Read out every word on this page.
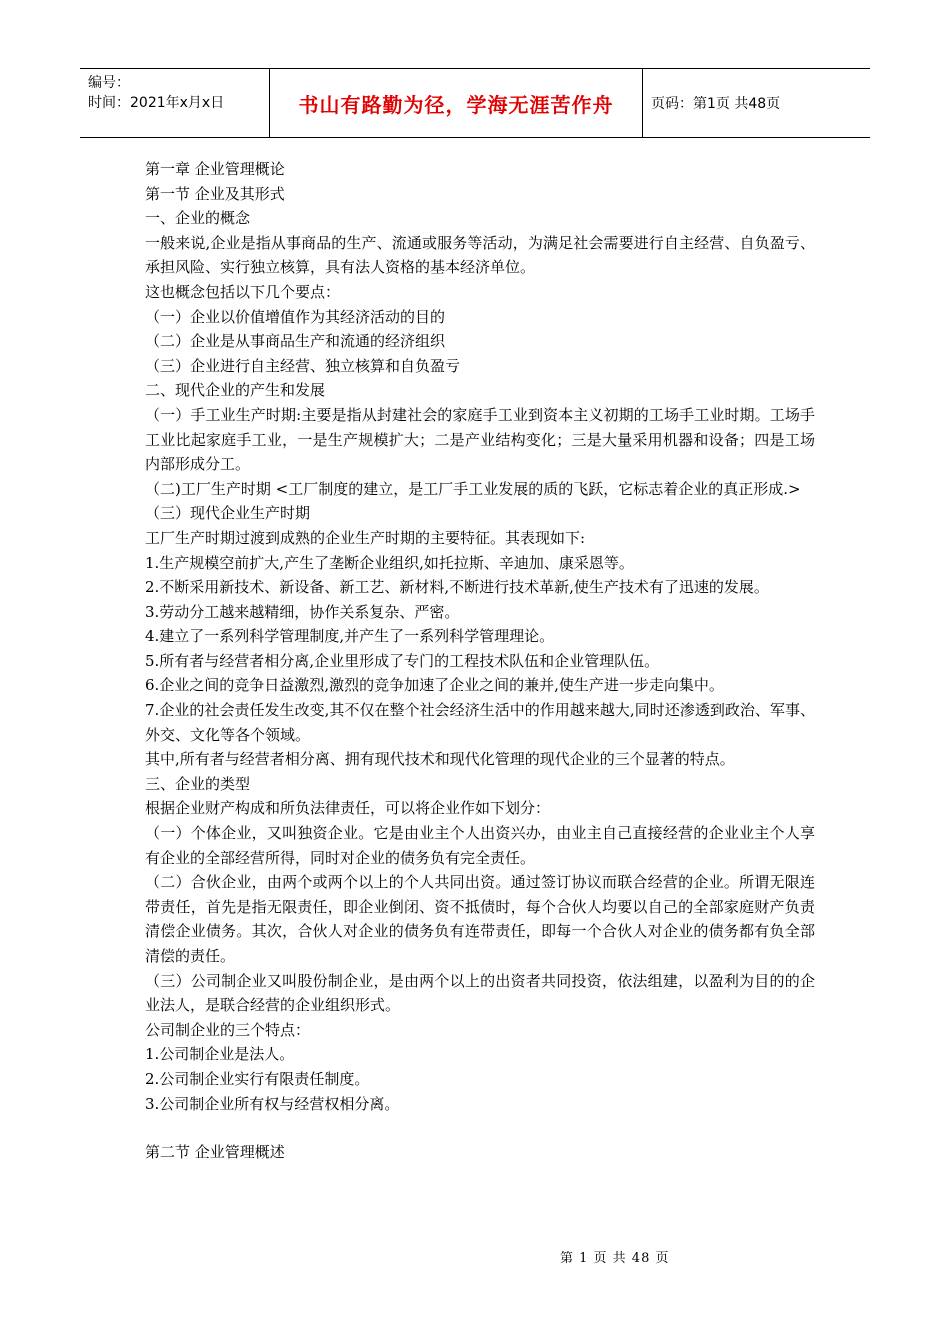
编号：
时间：2021年x月x日	书山有路勤为径，学海无涯苦作舟	页码：第1页 共48页

第一章 企业管理概论

第一节 企业及其形式

一、企业的概念

一般来说,企业是指从事商品的生产、流通或服务等活动，为满足社会需要进行自主经营、自负盈亏、承担风险、实行独立核算，具有法人资格的基本经济单位。

这也概念包括以下几个要点：

（一）企业以价值增值作为其经济活动的目的

（二）企业是从事商品生产和流通的经济组织

（三）企业进行自主经营、独立核算和自负盈亏

二、现代企业的产生和发展

（一）手工业生产时期:主要是指从封建社会的家庭手工业到资本主义初期的工场手工业时期。工场手工业比起家庭手工业，一是生产规模扩大；二是产业结构变化；三是大量采用机器和设备；四是工场内部形成分工。

（二)工厂生产时期 <工厂制度的建立，是工厂手工业发展的质的飞跃，它标志着企业的真正形成.>

（三）现代企业生产时期

工厂生产时期过渡到成熟的企业生产时期的主要特征。其表现如下:

1.生产规模空前扩大,产生了垄断企业组织,如托拉斯、辛迪加、康采恩等。

2.不断采用新技术、新设备、新工艺、新材料,不断进行技术革新,使生产技术有了迅速的发展。

3.劳动分工越来越精细，协作关系复杂、严密。

4.建立了一系列科学管理制度,并产生了一系列科学管理理论。

5.所有者与经营者相分离,企业里形成了专门的工程技术队伍和企业管理队伍。

6.企业之间的竞争日益激烈,激烈的竞争加速了企业之间的兼并,使生产进一步走向集中。

7.企业的社会责任发生改变,其不仅在整个社会经济生活中的作用越来越大,同时还渗透到政治、军事、外交、文化等各个领域。

其中,所有者与经营者相分离、拥有现代技术和现代化管理的现代企业的三个显著的特点。

三、企业的类型

根据企业财产构成和所负法律责任，可以将企业作如下划分：

（一）个体企业，又叫独资企业。它是由业主个人出资兴办，由业主自己直接经营的企业业主个人享有企业的全部经营所得，同时对企业的债务负有完全责任。

（二）合伙企业，由两个或两个以上的个人共同出资。通过签订协议而联合经营的企业。所谓无限连带责任，首先是指无限责任，即企业倒闭、资不抵债时，每个合伙人均要以自己的全部家庭财产负责清偿企业债务。其次，合伙人对企业的债务负有连带责任，即每一个合伙人对企业的债务都有负全部清偿的责任。

（三）公司制企业又叫股份制企业，是由两个以上的出资者共同投资，依法组建，以盈利为目的的企业法人，是联合经营的企业组织形式。

公司制企业的三个特点：

1.公司制企业是法人。

2.公司制企业实行有限责任制度。

3.公司制企业所有权与经营权相分离。

第二节 企业管理概述

第 1 页 共 48 页
